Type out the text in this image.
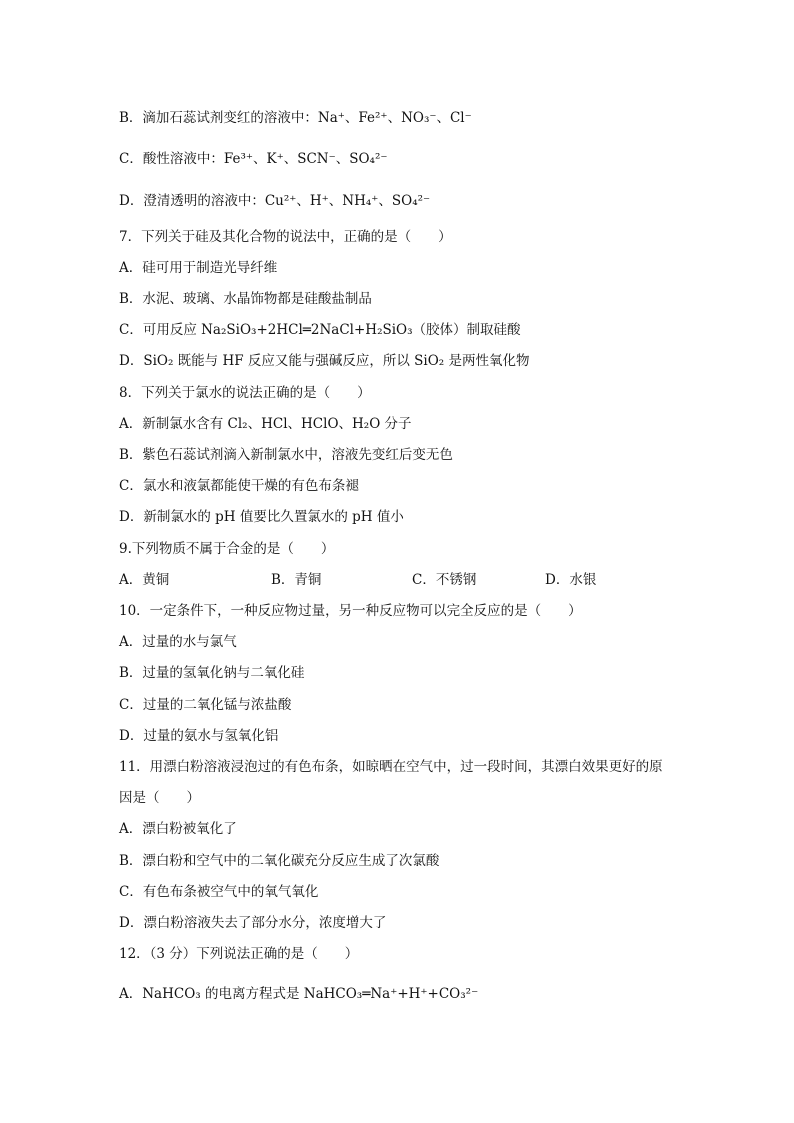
B．滴加石蕊试剂变红的溶液中：Na⁺、Fe²⁺、NO₃⁻、Cl⁻
C．酸性溶液中：Fe³⁺、K⁺、SCN⁻、SO₄²⁻
D．澄清透明的溶液中：Cu²⁺、H⁺、NH₄⁺、SO₄²⁻
7．下列关于硅及其化合物的说法中，正确的是（　　）
A．硅可用于制造光导纤维
B．水泥、玻璃、水晶饰物都是硅酸盐制品
C．可用反应 Na₂SiO₃+2HCl═2NaCl+H₂SiO₃（胶体）制取硅酸
D．SiO₂ 既能与 HF 反应又能与强碱反应，所以 SiO₂ 是两性氧化物
8．下列关于氯水的说法正确的是（　　）
A．新制氯水含有 Cl₂、HCl、HClO、H₂O 分子
B．紫色石蕊试剂滴入新制氯水中，溶液先变红后变无色
C．氯水和液氯都能使干燥的有色布条褪
D．新制氯水的 pH 值要比久置氯水的 pH 值小
9.下列物质不属于合金的是（　　）
A．黄铜	B．青铜	C．不锈钢	D．水银
10．一定条件下，一种反应物过量，另一种反应物可以完全反应的是（　　）
A．过量的水与氯气
B．过量的氢氧化钠与二氧化硅
C．过量的二氧化锰与浓盐酸
D．过量的氨水与氢氧化铝
11．用漂白粉溶液浸泡过的有色布条，如晾晒在空气中，过一段时间，其漂白效果更好的原
因是（　　）
A．漂白粉被氧化了
B．漂白粉和空气中的二氧化碳充分反应生成了次氯酸
C．有色布条被空气中的氧气氧化
D．漂白粉溶液失去了部分水分，浓度增大了
12．（3 分）下列说法正确的是（　　）
A．NaHCO₃ 的电离方程式是 NaHCO₃═Na⁺+H⁺+CO₃²⁻
